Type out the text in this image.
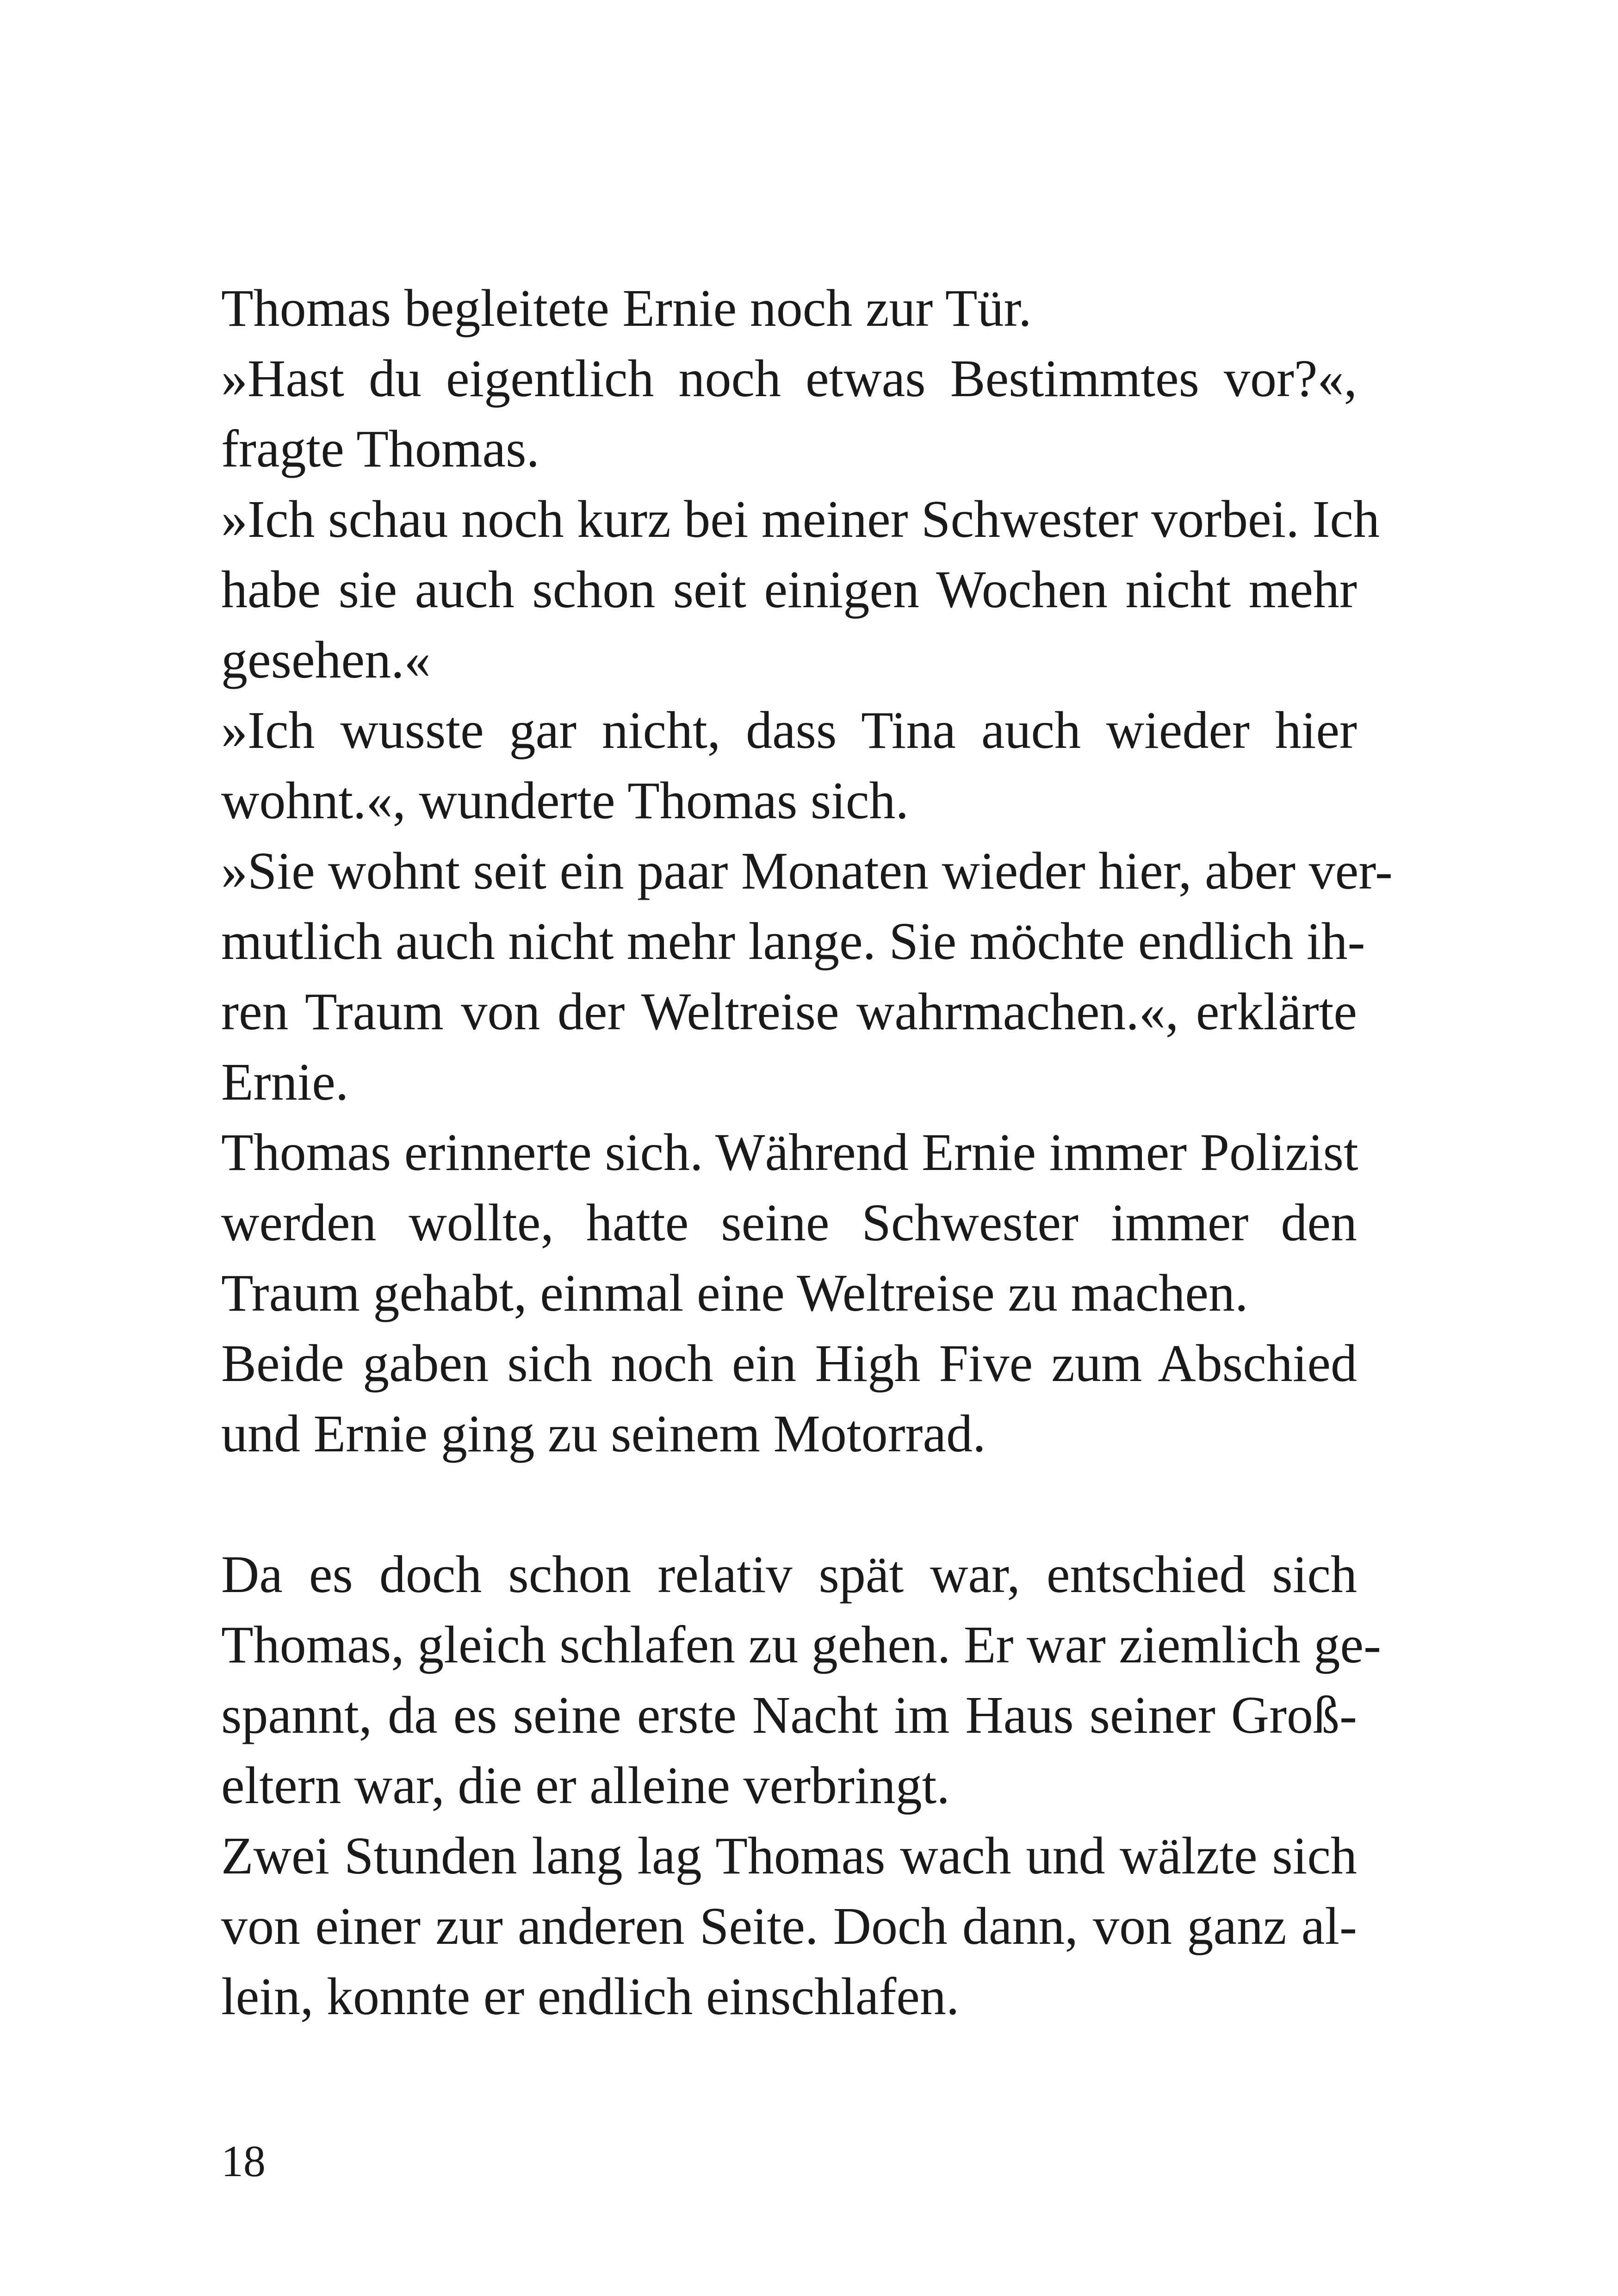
Thomas begleitete Ernie noch zur Tür.
»Hast du eigentlich noch etwas Bestimmtes vor?«,
fragte Thomas.
»Ich schau noch kurz bei meiner Schwester vorbei. Ich
habe sie auch schon seit einigen Wochen nicht mehr
gesehen.«
»Ich wusste gar nicht, dass Tina auch wieder hier
wohnt.«, wunderte Thomas sich.
»Sie wohnt seit ein paar Monaten wieder hier, aber ver-
mutlich auch nicht mehr lange. Sie möchte endlich ih-
ren Traum von der Weltreise wahrmachen.«, erklärte
Ernie.
Thomas erinnerte sich. Während Ernie immer Polizist
werden wollte, hatte seine Schwester immer den
Traum gehabt, einmal eine Weltreise zu machen.
Beide gaben sich noch ein High Five zum Abschied
und Ernie ging zu seinem Motorrad.
Da es doch schon relativ spät war, entschied sich
Thomas, gleich schlafen zu gehen. Er war ziemlich ge-
spannt, da es seine erste Nacht im Haus seiner Groß-
eltern war, die er alleine verbringt.
Zwei Stunden lang lag Thomas wach und wälzte sich
von einer zur anderen Seite. Doch dann, von ganz al-
lein, konnte er endlich einschlafen.
18
